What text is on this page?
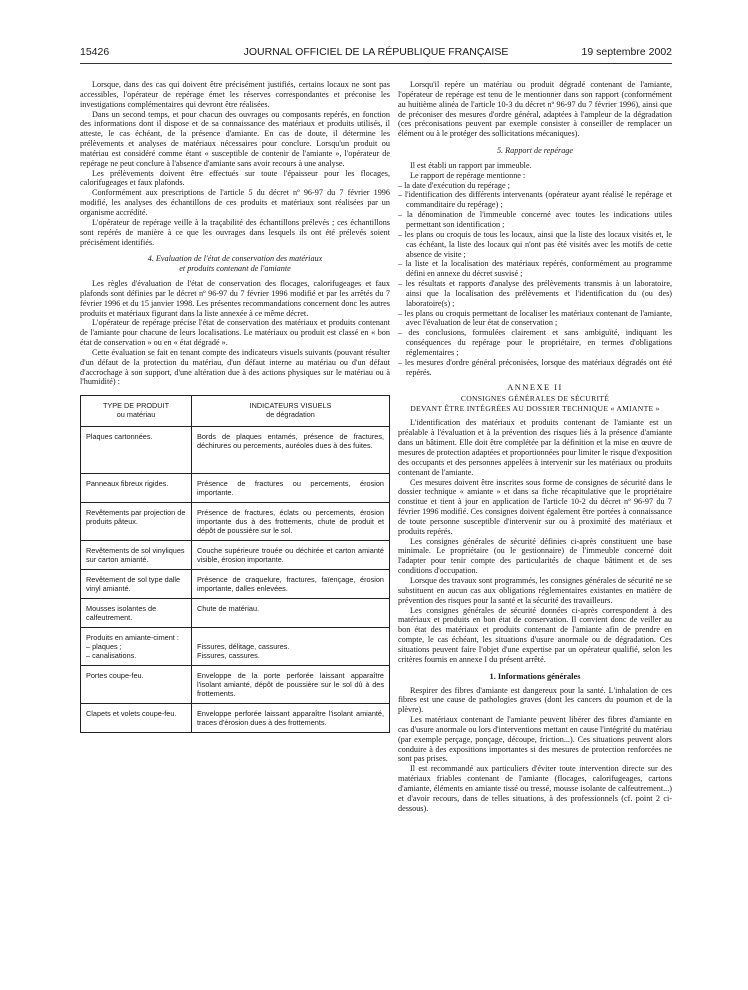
15426	JOURNAL OFFICIEL DE LA RÉPUBLIQUE FRANÇAISE	19 septembre 2002

Lorsque, dans des cas qui doivent être précisément justifiés, certains locaux ne sont pas accessibles, l'opérateur de repérage émet les réserves correspondantes et préconise les investigations complémentaires qui devront être réalisées.

Dans un second temps, et pour chacun des ouvrages ou composants repérés, en fonction des informations dont il dispose et de sa connaissance des matériaux et produits utilisés, il atteste, le cas échéant, de la présence d'amiante. En cas de doute, il détermine les prélèvements et analyses de matériaux nécessaires pour conclure. Lorsqu'un produit ou matériau est considéré comme étant « susceptible de contenir de l'amiante », l'opérateur de repérage ne peut conclure à l'absence d'amiante sans avoir recours à une analyse.

Les prélèvements doivent être effectués sur toute l'épaisseur pour les flocages, calorifugeages et faux plafonds.

Conformément aux prescriptions de l'article 5 du décret nº 96-97 du 7 février 1996 modifié, les analyses des échantillons de ces produits et matériaux sont réalisées par un organisme accrédité.

L'opérateur de repérage veille à la traçabilité des échantillons prélevés ; ces échantillons sont repérés de manière à ce que les ouvrages dans lesquels ils ont été prélevés soient précisément identifiés.

4. Evaluation de l'état de conservation des matériaux
et produits contenant de l'amiante

Les règles d'évaluation de l'état de conservation des flocages, calorifugeages et faux plafonds sont définies par le décret nº 96-97 du 7 février 1996 modifié et par les arrêtés du 7 février 1996 et du 15 janvier 1998. Les présentes recommandations concernent donc les autres produits et matériaux figurant dans la liste annexée à ce même décret.

L'opérateur de repérage précise l'état de conservation des matériaux et produits contenant de l'amiante pour chacune de leurs localisations. Le matériaux ou produit est classé en « bon état de conservation » ou en « état dégradé ».

Cette évaluation se fait en tenant compte des indicateurs visuels suivants (pouvant résulter d'un défaut de la protection du matériau, d'un défaut interne au matériau ou d'un défaut d'accrochage à son support, d'une altération due à des actions physiques sur le matériau ou à l'humidité) :

TYPE DE PRODUIT
ou matériau	INDICATEURS VISUELS
de dégradation

Plaques cartonnées.	Bords de plaques entamés, présence de fractures, déchirures ou percements, auréoles dues à des fuites.
Panneaux fibreux rigides.	Présence de fractures ou percements, érosion importante.
Revêtements par projection de produits pâteux.	Présence de fractures, éclats ou percements, érosion importante dus à des frottements, chute de produit et dépôt de poussière sur le sol.
Revêtements de sol vinyliques sur carton amianté.	Couche supérieure trouée ou déchirée et carton amianté visible, érosion importante.
Revêtement de sol type dalle vinyl amianté.	Présence de craquelure, fractures, faïençage, érosion importante, dalles enlevées.
Mousses isolantes de calfeutrement.	Chute de matériau.

Produits en amiante-ciment :
– plaques ;
– canalisations.	Fissures, délitage, cassures.
Fissures, cassures.

Portes coupe-feu.	Enveloppe de la porte perforée laissant apparaître l'isolant amianté, dépôt de poussière sur le sol dû à des frottements.
Clapets et volets coupe-feu.	Enveloppe perforée laissant apparaître l'isolant amianté, traces d'érosion dues à des frottements.

Lorsqu'il repère un matériau ou produit dégradé contenant de l'amiante, l'opérateur de repérage est tenu de le mentionner dans son rapport (conformément au huitième alinéa de l'article 10-3 du décret nº 96-97 du 7 février 1996), ainsi que de préconiser des mesures d'ordre général, adaptées à l'ampleur de la dégradation (ces préconisations peuvent par exemple consister à conseiller de remplacer un élément ou à le protéger des sollicitations mécaniques).

5. Rapport de repérage

Il est établi un rapport par immeuble.

Le rapport de repérage mentionne :

– la date d'exécution du repérage ;
– l'identification des différents intervenants (opérateur ayant réalisé le repérage et commanditaire du repérage) ;
– la dénomination de l'immeuble concerné avec toutes les indications utiles permettant son identification ;
– les plans ou croquis de tous les locaux, ainsi que la liste des locaux visités et, le cas échéant, la liste des locaux qui n'ont pas été visités avec les motifs de cette absence de visite ;
– la liste et la localisation des matériaux repérés, conformément au programme défini en annexe du décret susvisé ;
– les résultats et rapports d'analyse des prélèvements transmis à un laboratoire, ainsi que la localisation des prélèvements et l'identification du (ou des) laboratoire(s) ;
– les plans ou croquis permettant de localiser les matériaux contenant de l'amiante, avec l'évaluation de leur état de conservation ;
– des conclusions, formulées clairement et sans ambiguïté, indiquant les conséquences du repérage pour le propriétaire, en termes d'obligations réglementaires ;
– les mesures d'ordre général préconisées, lorsque des matériaux dégradés ont été repérés.
ANNEXE II
CONSIGNES GÉNÉRALES DE SÉCURITÉ
DEVANT ÊTRE INTÉGRÉES AU DOSSIER TECHNIQUE « AMIANTE »

L'identification des matériaux et produits contenant de l'amiante est un préalable à l'évaluation et à la prévention des risques liés à la présence d'amiante dans un bâtiment. Elle doit être complétée par la définition et la mise en œuvre de mesures de protection adaptées et proportionnées pour limiter le risque d'exposition des occupants et des personnes appelées à intervenir sur les matériaux ou produits contenant de l'amiante.

Ces mesures doivent être inscrites sous forme de consignes de sécurité dans le dossier technique « amiante » et dans sa fiche récapitulative que le propriétaire constitue et tient à jour en application de l'article 10-2 du décret nº 96-97 du 7 février 1996 modifié. Ces consignes doivent également être portées à connaissance de toute personne susceptible d'intervenir sur ou à proximité des matériaux et produits repérés.

Les consignes générales de sécurité définies ci-après constituent une base minimale. Le propriétaire (ou le gestionnaire) de l'immeuble concerné doit l'adapter pour tenir compte des particularités de chaque bâtiment et de ses conditions d'occupation.

Lorsque des travaux sont programmés, les consignes générales de sécurité ne se substituent en aucun cas aux obligations réglementaires existantes en matière de prévention des risques pour la santé et la sécurité des travailleurs.

Les consignes générales de sécurité données ci-après correspondent à des matériaux et produits en bon état de conservation. Il convient donc de veiller au bon état des matériaux et produits contenant de l'amiante afin de prendre en compte, le cas échéant, les situations d'usure anormale ou de dégradation. Ces situations peuvent faire l'objet d'une expertise par un opérateur qualifié, selon les critères fournis en annexe I du présent arrêté.

1. Informations générales

Respirer des fibres d'amiante est dangereux pour la santé. L'inhalation de ces fibres est une cause de pathologies graves (dont les cancers du poumon et de la plèvre).

Les matériaux contenant de l'amiante peuvent libérer des fibres d'amiante en cas d'usure anormale ou lors d'interventions mettant en cause l'intégrité du matériau (par exemple perçage, ponçage, découpe, friction...). Ces situations peuvent alors conduire à des expositions importantes si des mesures de protection renforcées ne sont pas prises.

Il est recommandé aux particuliers d'éviter toute intervention directe sur des matériaux friables contenant de l'amiante (flocages, calorifugeages, cartons d'amiante, éléments en amiante tissé ou tressé, mousse isolante de calfeutrement...) et d'avoir recours, dans de telles situations, à des professionnels (cf. point 2 ci-dessous).
